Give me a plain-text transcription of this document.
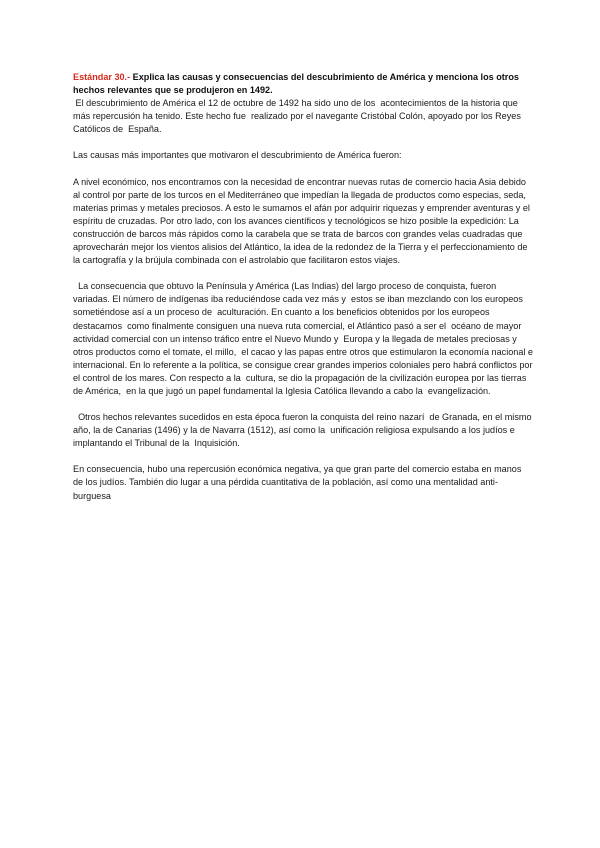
Estándar 30.- Explica las causas y consecuencias del descubrimiento de América y menciona los otros hechos relevantes que se produjeron en 1492.

El descubrimiento de América el 12 de octubre de 1492 ha sido uno de los  acontecimientos de la historia que más repercusión ha tenido. Este hecho fue  realizado por el navegante Cristóbal Colón, apoyado por los Reyes Católicos de  España.

Las causas más importantes que motivaron el descubrimiento de América fueron:

A nivel económico, nos encontramos con la necesidad de encontrar nuevas rutas de comercio hacia Asia debido al control por parte de los turcos en el Mediterráneo que impedían la llegada de productos como especias, seda, materias primas y metales preciosos. A esto le sumamos el afán por adquirir riquezas y emprender aventuras y el espíritu de cruzadas. Por otro lado, con los avances científicos y tecnológicos se hizo posible la expedición: La construcción de barcos más rápidos como la carabela que se trata de barcos con grandes velas cuadradas que aprovecharán mejor los vientos alisios del Atlántico, la idea de la redondez de la Tierra y el perfeccionamiento de la cartografía y la brújula combinada con el astrolabio que facilitaron estos viajes.

La consecuencia que obtuvo la Península y América (Las Indias) del largo proceso de conquista, fueron variadas. El número de indígenas iba reduciéndose cada vez más y  estos se iban mezclando con los europeos sometiéndose así a un proceso de  aculturación. En cuanto a los beneficios obtenidos por los europeos destacamos  como finalmente consiguen una nueva ruta comercial, el Atlántico pasó a ser el  océano de mayor actividad comercial con un intenso tráfico entre el Nuevo Mundo y  Europa y la llegada de metales preciosas y otros productos como el tomate, el millo,  el cacao y las papas entre otros que estimularon la economía nacional e  internacional. En lo referente a la política, se consigue crear grandes imperios coloniales pero habrá conflictos por el control de los mares. Con respecto a la  cultura, se dio la propagación de la civilización europea por las tierras de América,  en la que jugó un papel fundamental la Iglesia Católica llevando a cabo la  evangelización.

Otros hechos relevantes sucedidos en esta época fueron la conquista del reino nazarí  de Granada, en el mismo año, la de Canarias (1496) y la de Navarra (1512), así como la  unificación religiosa expulsando a los judíos e implantando el Tribunal de la  Inquisición.

En consecuencia, hubo una repercusión económica negativa, ya que gran parte del comercio estaba en manos de los judíos. También dio lugar a una pérdida cuantitativa de la población, así como una mentalidad anti-burguesa
